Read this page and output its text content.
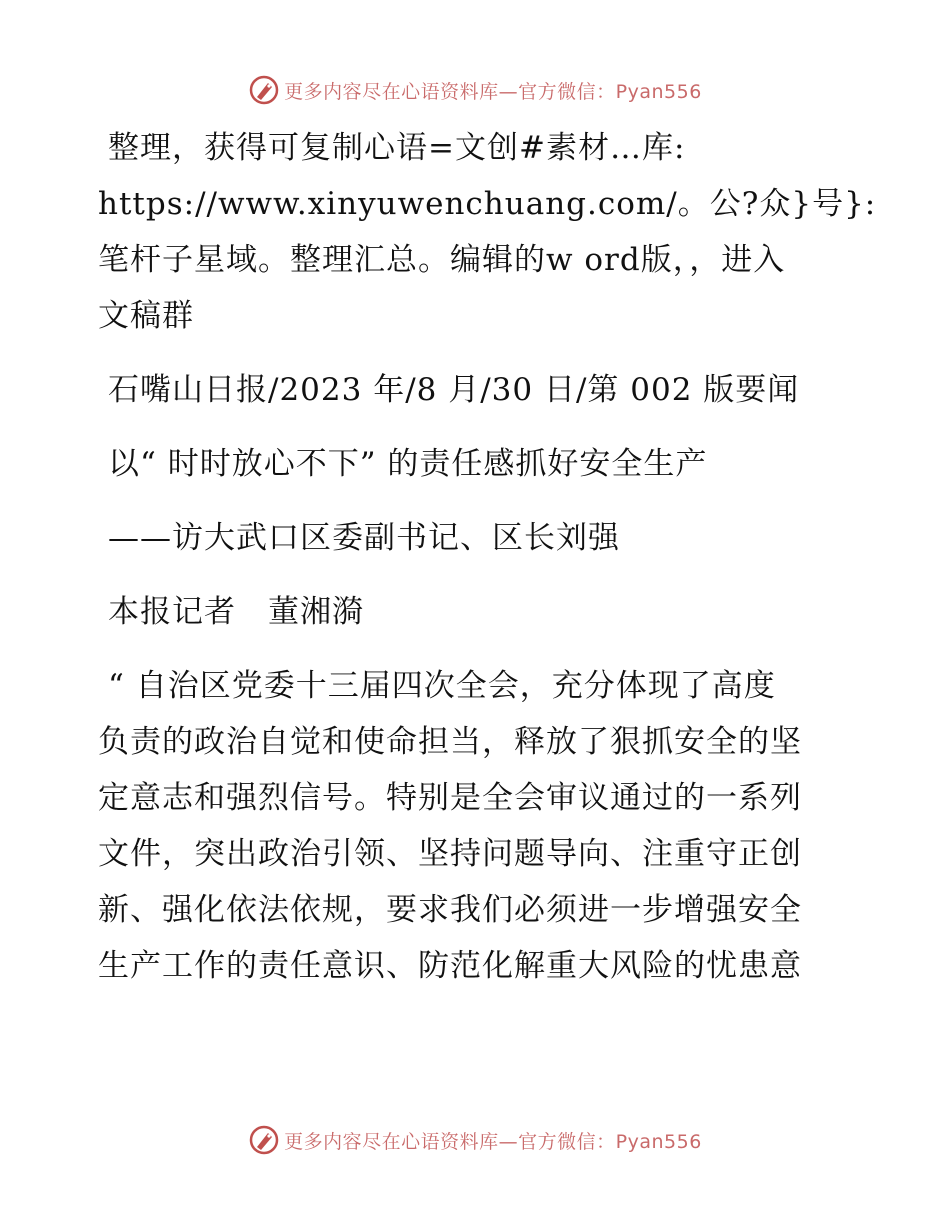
更多内容尽在心语资料库—官方微信：Pyan556
整理，获得可复制心语=文创#素材…库:
https://www.xinyuwenchuang.com/。公?众}号}:
笔杆子星域。整理汇总。编辑的w ord版，，进入
文稿群
石嘴山日报/2023 年/8 月/30 日/第 002 版要闻
以“ 时时放心不下” 的责任感抓好安全生产
——访大武口区委副书记、区长刘强
本报记者　董湘漪
“ 自治区党委十三届四次全会，充分体现了高度
负责的政治自觉和使命担当，释放了狠抓安全的坚
定意志和强烈信号。特别是全会审议通过的一系列
文件，突出政治引领、坚持问题导向、注重守正创
新、强化依法依规，要求我们必须进一步增强安全
生产工作的责任意识、防范化解重大风险的忧患意
更多内容尽在心语资料库—官方微信：Pyan556
